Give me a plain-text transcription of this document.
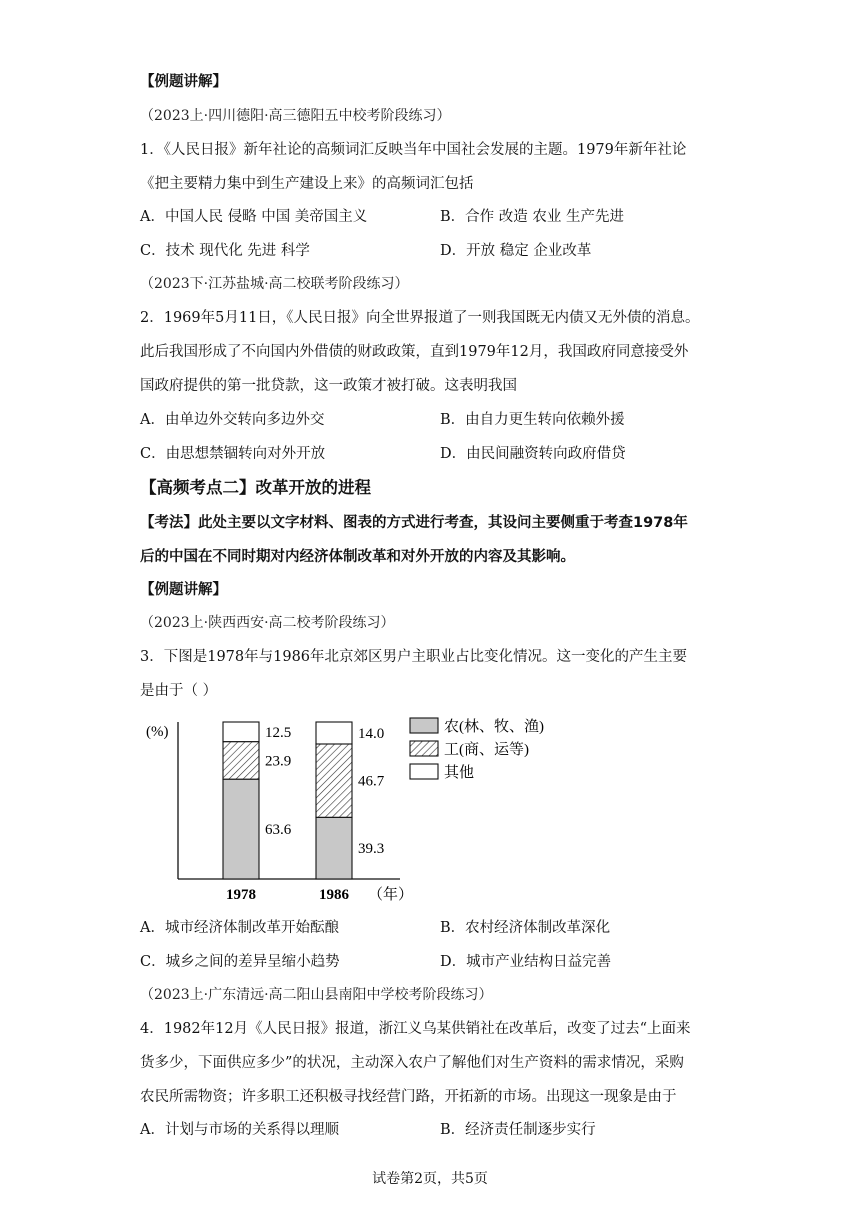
【例题讲解】
（2023上·四川德阳·高三德阳五中校考阶段练习）
1．《人民日报》新年社论的高频词汇反映当年中国社会发展的主题。1979年新年社论
《把主要精力集中到生产建设上来》的高频词汇包括
A．中国人民 侵略 中国 美帝国主义	B．合作 改造 农业 生产先进
C．技术 现代化 先进 科学	D．开放 稳定 企业改革
（2023下·江苏盐城·高二校联考阶段练习）
2．1969年5月11日，《人民日报》向全世界报道了一则我国既无内债又无外债的消息。
此后我国形成了不向国内外借债的财政政策，直到1979年12月，我国政府同意接受外
国政府提供的第一批贷款，这一政策才被打破。这表明我国
A．由单边外交转向多边外交	B．由自力更生转向依赖外援
C．由思想禁锢转向对外开放	D．由民间融资转向政府借贷
【高频考点二】改革开放的进程
【考法】此处主要以文字材料、图表的方式进行考查，其设问主要侧重于考查1978年
后的中国在不同时期对内经济体制改革和对外开放的内容及其影响。
【例题讲解】
（2023上·陕西西安·高二校考阶段练习）
3．下图是1978年与1986年北京郊区男户主职业占比变化情况。这一变化的产生主要
是由于（ ）
(%)
63.6
23.9
12.5
1978
39.3
46.7
14.0
1986 （年）
农(林、牧、渔)
工(商、运等)
其他
A．城市经济体制改革开始酝酿	B．农村经济体制改革深化
C．城乡之间的差异呈缩小趋势	D．城市产业结构日益完善
（2023上·广东清远·高二阳山县南阳中学校考阶段练习）
4．1982年12月《人民日报》报道，浙江义乌某供销社在改革后，改变了过去“上面来
货多少，下面供应多少”的状况，主动深入农户了解他们对生产资料的需求情况，采购
农民所需物资；许多职工还积极寻找经营门路，开拓新的市场。出现这一现象是由于
A．计划与市场的关系得以理顺	B．经济责任制逐步实行
试卷第2页，共5页
